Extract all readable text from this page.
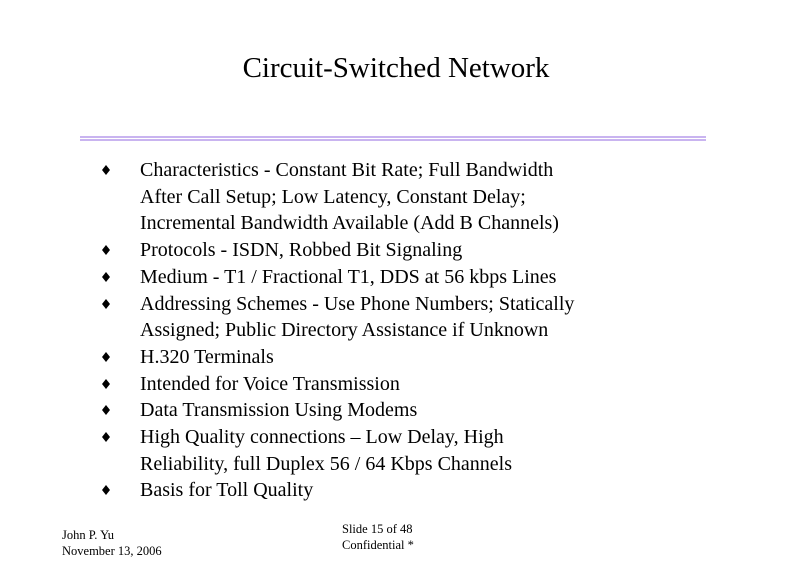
Circuit-Switched Network
Characteristics - Constant Bit Rate; Full Bandwidth
After Call Setup; Low Latency, Constant Delay;
Incremental Bandwidth Available (Add B Channels)
Protocols - ISDN, Robbed Bit Signaling
Medium - T1 / Fractional T1, DDS at 56 kbps Lines
Addressing Schemes - Use Phone Numbers; Statically
Assigned; Public Directory Assistance if Unknown
H.320 Terminals
Intended for Voice Transmission
Data Transmission Using Modems
High Quality connections – Low Delay, High
Reliability, full Duplex 56 / 64 Kbps Channels
Basis for Toll Quality
John P. Yu
November 13, 2006
Slide 15 of 48
Confidential *
